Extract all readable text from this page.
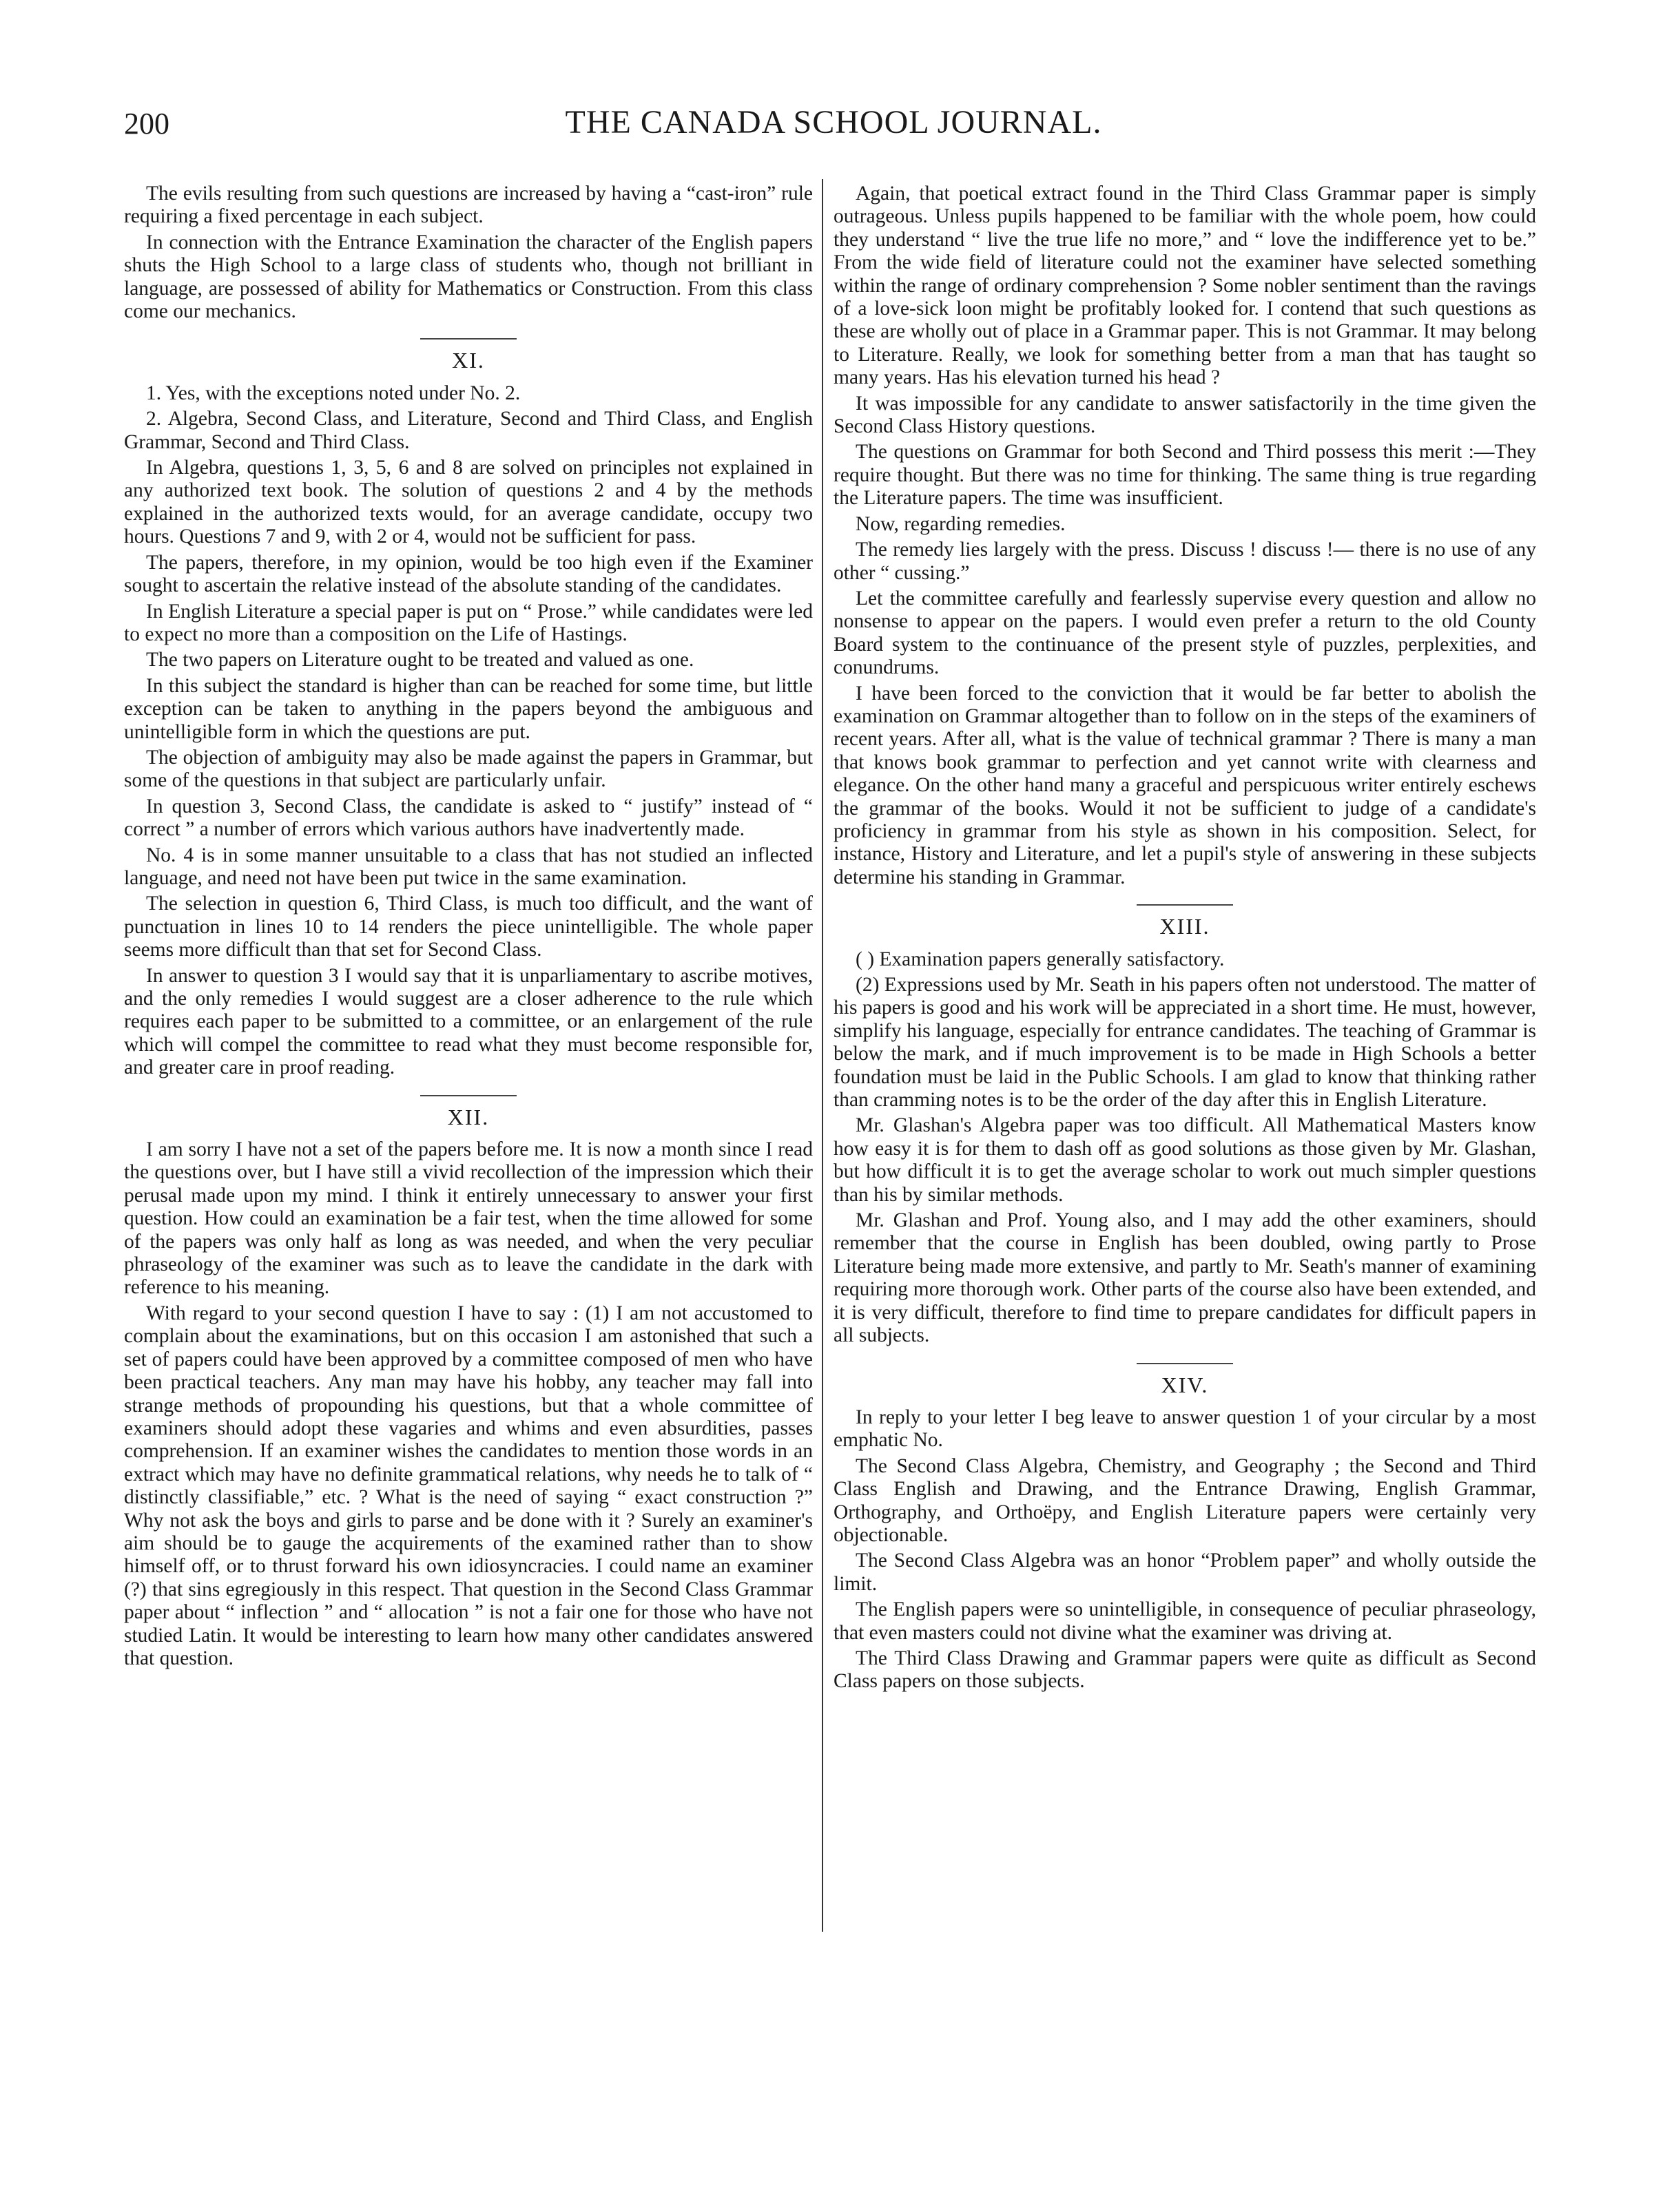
200	THE CANADA SCHOOL JOURNAL.

The evils resulting from such questions are increased by having a “cast-iron” rule requiring a fixed percentage in each subject.

In connection with the Entrance Examination the character of the English papers shuts the High School to a large class of students who, though not brilliant in language, are possessed of ability for Mathematics or Construction. From this class come our mechanics.

XI.

1. Yes, with the exceptions noted under No. 2.

2. Algebra, Second Class, and Literature, Second and Third Class, and English Grammar, Second and Third Class.

In Algebra, questions 1, 3, 5, 6 and 8 are solved on principles not explained in any authorized text book. The solution of questions 2 and 4 by the methods explained in the authorized texts would, for an average candidate, occupy two hours. Questions 7 and 9, with 2 or 4, would not be sufficient for pass.

The papers, therefore, in my opinion, would be too high even if the Examiner sought to ascertain the relative instead of the absolute standing of the candidates.

In English Literature a special paper is put on “ Prose.” while candidates were led to expect no more than a composition on the Life of Hastings.

The two papers on Literature ought to be treated and valued as one.

In this subject the standard is higher than can be reached for some time, but little exception can be taken to anything in the papers beyond the ambiguous and unintelligible form in which the questions are put.

The objection of ambiguity may also be made against the papers in Grammar, but some of the questions in that subject are particularly unfair.

In question 3, Second Class, the candidate is asked to “ justify” instead of “ correct ” a number of errors which various authors have inadvertently made.

No. 4 is in some manner unsuitable to a class that has not studied an inflected language, and need not have been put twice in the same examination.

The selection in question 6, Third Class, is much too difficult, and the want of punctuation in lines 10 to 14 renders the piece unintelligible. The whole paper seems more difficult than that set for Second Class.

In answer to question 3 I would say that it is unparliamentary to ascribe motives, and the only remedies I would suggest are a closer adherence to the rule which requires each paper to be submitted to a committee, or an enlargement of the rule which will compel the committee to read what they must become responsible for, and greater care in proof reading.

XII.

I am sorry I have not a set of the papers before me. It is now a month since I read the questions over, but I have still a vivid recollection of the impression which their perusal made upon my mind. I think it entirely unnecessary to answer your first question. How could an examination be a fair test, when the time allowed for some of the papers was only half as long as was needed, and when the very peculiar phraseology of the examiner was such as to leave the candidate in the dark with reference to his meaning.

With regard to your second question I have to say : (1) I am not accustomed to complain about the examinations, but on this occasion I am astonished that such a set of papers could have been approved by a committee composed of men who have been practical teachers. Any man may have his hobby, any teacher may fall into strange methods of propounding his questions, but that a whole committee of examiners should adopt these vagaries and whims and even absurdities, passes comprehension. If an examiner wishes the candidates to mention those words in an extract which may have no definite grammatical relations, why needs he to talk of “ distinctly classifiable,” etc. ? What is the need of saying “ exact construction ?” Why not ask the boys and girls to parse and be done with it ? Surely an examiner's aim should be to gauge the acquirements of the examined rather than to show himself off, or to thrust forward his own idiosyncracies. I could name an examiner (?) that sins egregiously in this respect. That question in the Second Class Grammar paper about “ inflection ” and “ allocation ” is not a fair one for those who have not studied Latin. It would be interesting to learn how many other candidates answered that question.

Again, that poetical extract found in the Third Class Grammar paper is simply outrageous. Unless pupils happened to be familiar with the whole poem, how could they understand “ live the true life no more,” and “ love the indifference yet to be.” From the wide field of literature could not the examiner have selected something within the range of ordinary comprehension ? Some nobler sentiment than the ravings of a love-sick loon might be profitably looked for. I contend that such questions as these are wholly out of place in a Grammar paper. This is not Grammar. It may belong to Literature. Really, we look for something better from a man that has taught so many years. Has his elevation turned his head ?

It was impossible for any candidate to answer satisfactorily in the time given the Second Class History questions.

The questions on Grammar for both Second and Third possess this merit :—They require thought. But there was no time for thinking. The same thing is true regarding the Literature papers. The time was insufficient.

Now, regarding remedies.

The remedy lies largely with the press. Discuss ! discuss !— there is no use of any other “ cussing.”

Let the committee carefully and fearlessly supervise every question and allow no nonsense to appear on the papers. I would even prefer a return to the old County Board system to the continuance of the present style of puzzles, perplexities, and conundrums.

I have been forced to the conviction that it would be far better to abolish the examination on Grammar altogether than to follow on in the steps of the examiners of recent years. After all, what is the value of technical grammar ? There is many a man that knows book grammar to perfection and yet cannot write with clearness and elegance. On the other hand many a graceful and perspicuous writer entirely eschews the grammar of the books. Would it not be sufficient to judge of a candidate's proficiency in grammar from his style as shown in his composition. Select, for instance, History and Literature, and let a pupil's style of answering in these subjects determine his standing in Grammar.

XIII.

( ) Examination papers generally satisfactory.

(2) Expressions used by Mr. Seath in his papers often not understood. The matter of his papers is good and his work will be appreciated in a short time. He must, however, simplify his language, especially for entrance candidates. The teaching of Grammar is below the mark, and if much improvement is to be made in High Schools a better foundation must be laid in the Public Schools. I am glad to know that thinking rather than cramming notes is to be the order of the day after this in English Literature.

Mr. Glashan's Algebra paper was too difficult. All Mathematical Masters know how easy it is for them to dash off as good solutions as those given by Mr. Glashan, but how difficult it is to get the average scholar to work out much simpler questions than his by similar methods.

Mr. Glashan and Prof. Young also, and I may add the other examiners, should remember that the course in English has been doubled, owing partly to Prose Literature being made more extensive, and partly to Mr. Seath's manner of examining requiring more thorough work. Other parts of the course also have been extended, and it is very difficult, therefore to find time to prepare candidates for difficult papers in all subjects.

XIV.

In reply to your letter I beg leave to answer question 1 of your circular by a most emphatic No.

The Second Class Algebra, Chemistry, and Geography ; the Second and Third Class English and Drawing, and the Entrance Drawing, English Grammar, Orthography, and Orthoëpy, and English Literature papers were certainly very objectionable.

The Second Class Algebra was an honor “Problem paper” and wholly outside the limit.

The English papers were so unintelligible, in consequence of peculiar phraseology, that even masters could not divine what the examiner was driving at.

The Third Class Drawing and Grammar papers were quite as difficult as Second Class papers on those subjects.
